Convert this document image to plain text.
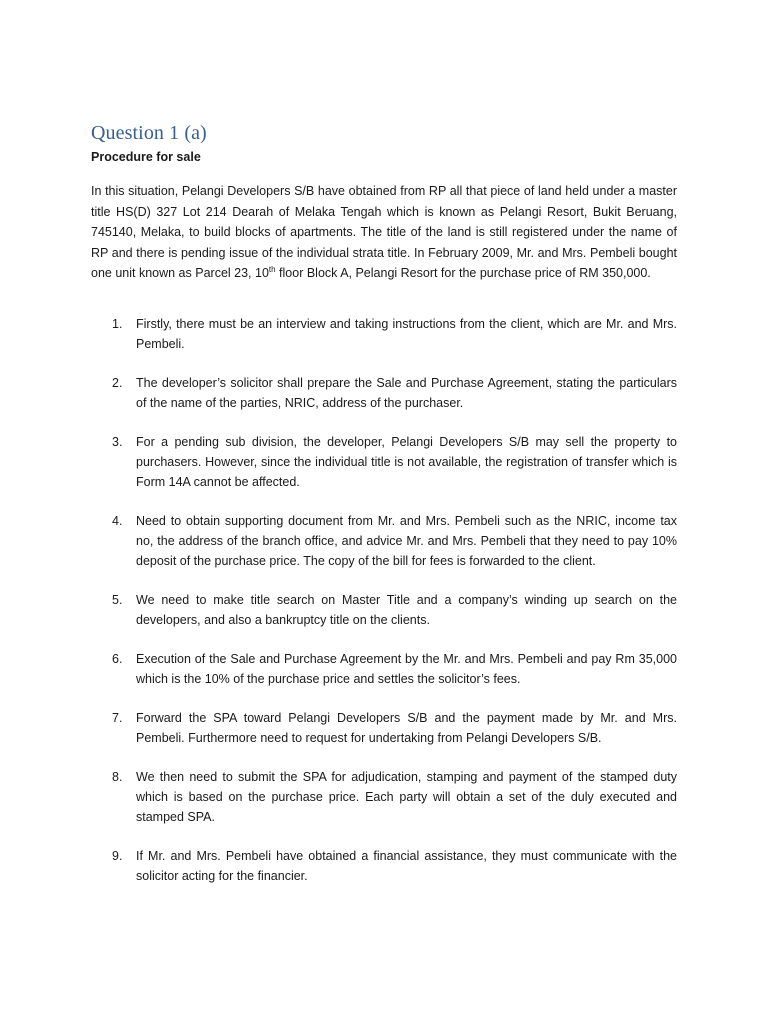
Question 1 (a)
Procedure for sale

In this situation, Pelangi Developers S/B have obtained from RP all that piece of land held under a master title HS(D) 327 Lot 214 Dearah of Melaka Tengah which is known as Pelangi Resort, Bukit Beruang, 745140, Melaka, to build blocks of apartments. The title of the land is still registered under the name of RP and there is pending issue of the individual strata title. In February 2009, Mr. and Mrs. Pembeli bought one unit known as Parcel 23, 10th floor Block A, Pelangi Resort for the purchase price of RM 350,000.

1. Firstly, there must be an interview and taking instructions from the client, which are Mr. and Mrs. Pembeli.
2. The developer’s solicitor shall prepare the Sale and Purchase Agreement, stating the particulars of the name of the parties, NRIC, address of the purchaser.
3. For a pending sub division, the developer, Pelangi Developers S/B may sell the property to purchasers. However, since the individual title is not available, the registration of transfer which is Form 14A cannot be affected.
4. Need to obtain supporting document from Mr. and Mrs. Pembeli such as the NRIC, income tax no, the address of the branch office, and advice Mr. and Mrs. Pembeli that they need to pay 10% deposit of the purchase price. The copy of the bill for fees is forwarded to the client.
5. We need to make title search on Master Title and a company’s winding up search on the developers, and also a bankruptcy title on the clients.
6. Execution of the Sale and Purchase Agreement by the Mr. and Mrs. Pembeli and pay Rm 35,000 which is the 10% of the purchase price and settles the solicitor’s fees.
7. Forward the SPA toward Pelangi Developers S/B and the payment made by Mr. and Mrs. Pembeli. Furthermore need to request for undertaking from Pelangi Developers S/B.
8. We then need to submit the SPA for adjudication, stamping and payment of the stamped duty which is based on the purchase price. Each party will obtain a set of the duly executed and stamped SPA.
9. If Mr. and Mrs. Pembeli have obtained a financial assistance, they must communicate with the solicitor acting for the financier.
